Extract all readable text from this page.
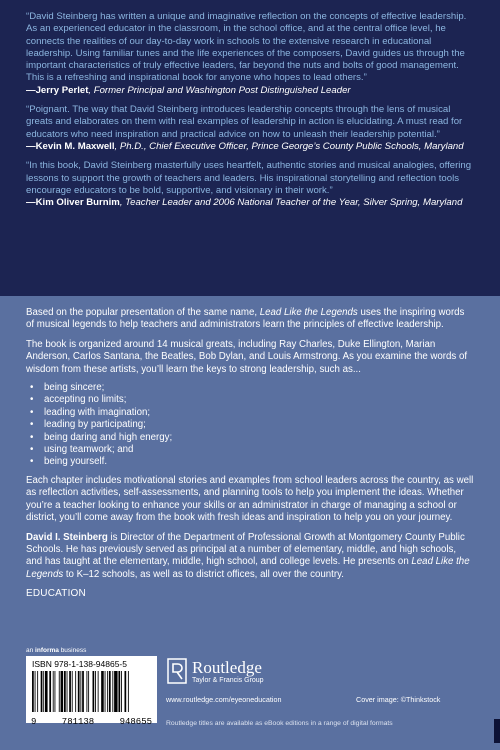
“David Steinberg has written a unique and imaginative reflection on the concepts of effective leadership. As an experienced educator in the classroom, in the school office, and at the central office level, he connects the realities of our day-to-day work in schools to the extensive research in educational leadership. Using familiar tunes and the life experiences of the composers, David guides us through the important characteristics of truly effective leaders, far beyond the nuts and bolts of good management. This is a refreshing and inspirational book for anyone who hopes to lead others.”
—Jerry Perlet, Former Principal and Washington Post Distinguished Leader

“Poignant. The way that David Steinberg introduces leadership concepts through the lens of musical greats and elaborates on them with real examples of leadership in action is elucidating. A must read for educators who need inspiration and practical advice on how to unleash their leadership potential.”
—Kevin M. Maxwell, Ph.D., Chief Executive Officer, Prince George’s County Public Schools, Maryland

“In this book, David Steinberg masterfully uses heartfelt, authentic stories and musical analogies, offering lessons to support the growth of teachers and leaders. His inspirational storytelling and reflection tools encourage educators to be bold, supportive, and visionary in their work.”
—Kim Oliver Burnim, Teacher Leader and 2006 National Teacher of the Year, Silver Spring, Maryland

Based on the popular presentation of the same name, Lead Like the Legends uses the inspiring words of musical legends to help teachers and administrators learn the principles of effective leadership.

The book is organized around 14 musical greats, including Ray Charles, Duke Ellington, Marian Anderson, Carlos Santana, the Beatles, Bob Dylan, and Louis Armstrong. As you examine the words of wisdom from these artists, you’ll learn the keys to strong leadership, such as...

• being sincere;
• accepting no limits;
• leading with imagination;
• leading by participating;
• being daring and high energy;
• using teamwork; and
• being yourself.

Each chapter includes motivational stories and examples from school leaders across the country, as well as reflection activities, self-assessments, and planning tools to help you implement the ideas. Whether you’re a teacher looking to enhance your skills or an administrator in charge of managing a school or district, you’ll come away from the book with fresh ideas and inspiration to help you on your journey.

David I. Steinberg is Director of the Department of Professional Growth at Montgomery County Public Schools. He has previously served as principal at a number of elementary, middle, and high schools, and has taught at the elementary, middle, high school, and college levels. He presents on Lead Like the Legends to K–12 schools, as well as to district offices, all over the country.

EDUCATION
an informa business
ISBN 978-1-138-94865-5
9	781138	948655
Routledge
Taylor & Francis Group
www.routledge.com/eyeoneducation	Cover image: ©Thinkstock
Routledge titles are available as eBook editions in a range of digital formats
